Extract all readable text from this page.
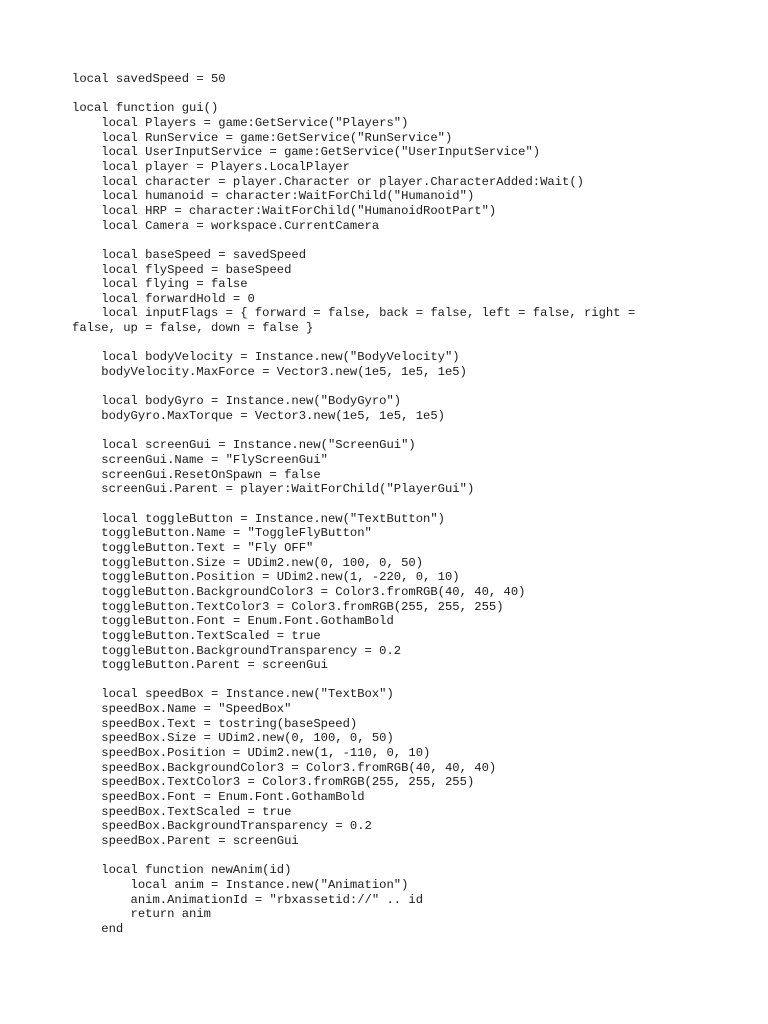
local savedSpeed = 50
local function gui()
local Players = game:GetService("Players")
local RunService = game:GetService("RunService")
local UserInputService = game:GetService("UserInputService")
local player = Players.LocalPlayer
local character = player.Character or player.CharacterAdded:Wait()
local humanoid = character:WaitForChild("Humanoid")
local HRP = character:WaitForChild("HumanoidRootPart")
local Camera = workspace.CurrentCamera
local baseSpeed = savedSpeed
local flySpeed = baseSpeed
local flying = false
local forwardHold = 0
local inputFlags = { forward = false, back = false, left = false, right =
false, up = false, down = false }
local bodyVelocity = Instance.new("BodyVelocity")
bodyVelocity.MaxForce = Vector3.new(1e5, 1e5, 1e5)
local bodyGyro = Instance.new("BodyGyro")
bodyGyro.MaxTorque = Vector3.new(1e5, 1e5, 1e5)
local screenGui = Instance.new("ScreenGui")
screenGui.Name = "FlyScreenGui"
screenGui.ResetOnSpawn = false
screenGui.Parent = player:WaitForChild("PlayerGui")
local toggleButton = Instance.new("TextButton")
toggleButton.Name = "ToggleFlyButton"
toggleButton.Text = "Fly OFF"
toggleButton.Size = UDim2.new(0, 100, 0, 50)
toggleButton.Position = UDim2.new(1, -220, 0, 10)
toggleButton.BackgroundColor3 = Color3.fromRGB(40, 40, 40)
toggleButton.TextColor3 = Color3.fromRGB(255, 255, 255)
toggleButton.Font = Enum.Font.GothamBold
toggleButton.TextScaled = true
toggleButton.BackgroundTransparency = 0.2
toggleButton.Parent = screenGui
local speedBox = Instance.new("TextBox")
speedBox.Name = "SpeedBox"
speedBox.Text = tostring(baseSpeed)
speedBox.Size = UDim2.new(0, 100, 0, 50)
speedBox.Position = UDim2.new(1, -110, 0, 10)
speedBox.BackgroundColor3 = Color3.fromRGB(40, 40, 40)
speedBox.TextColor3 = Color3.fromRGB(255, 255, 255)
speedBox.Font = Enum.Font.GothamBold
speedBox.TextScaled = true
speedBox.BackgroundTransparency = 0.2
speedBox.Parent = screenGui
local function newAnim(id)
local anim = Instance.new("Animation")
anim.AnimationId = "rbxassetid://" .. id
return anim
end
